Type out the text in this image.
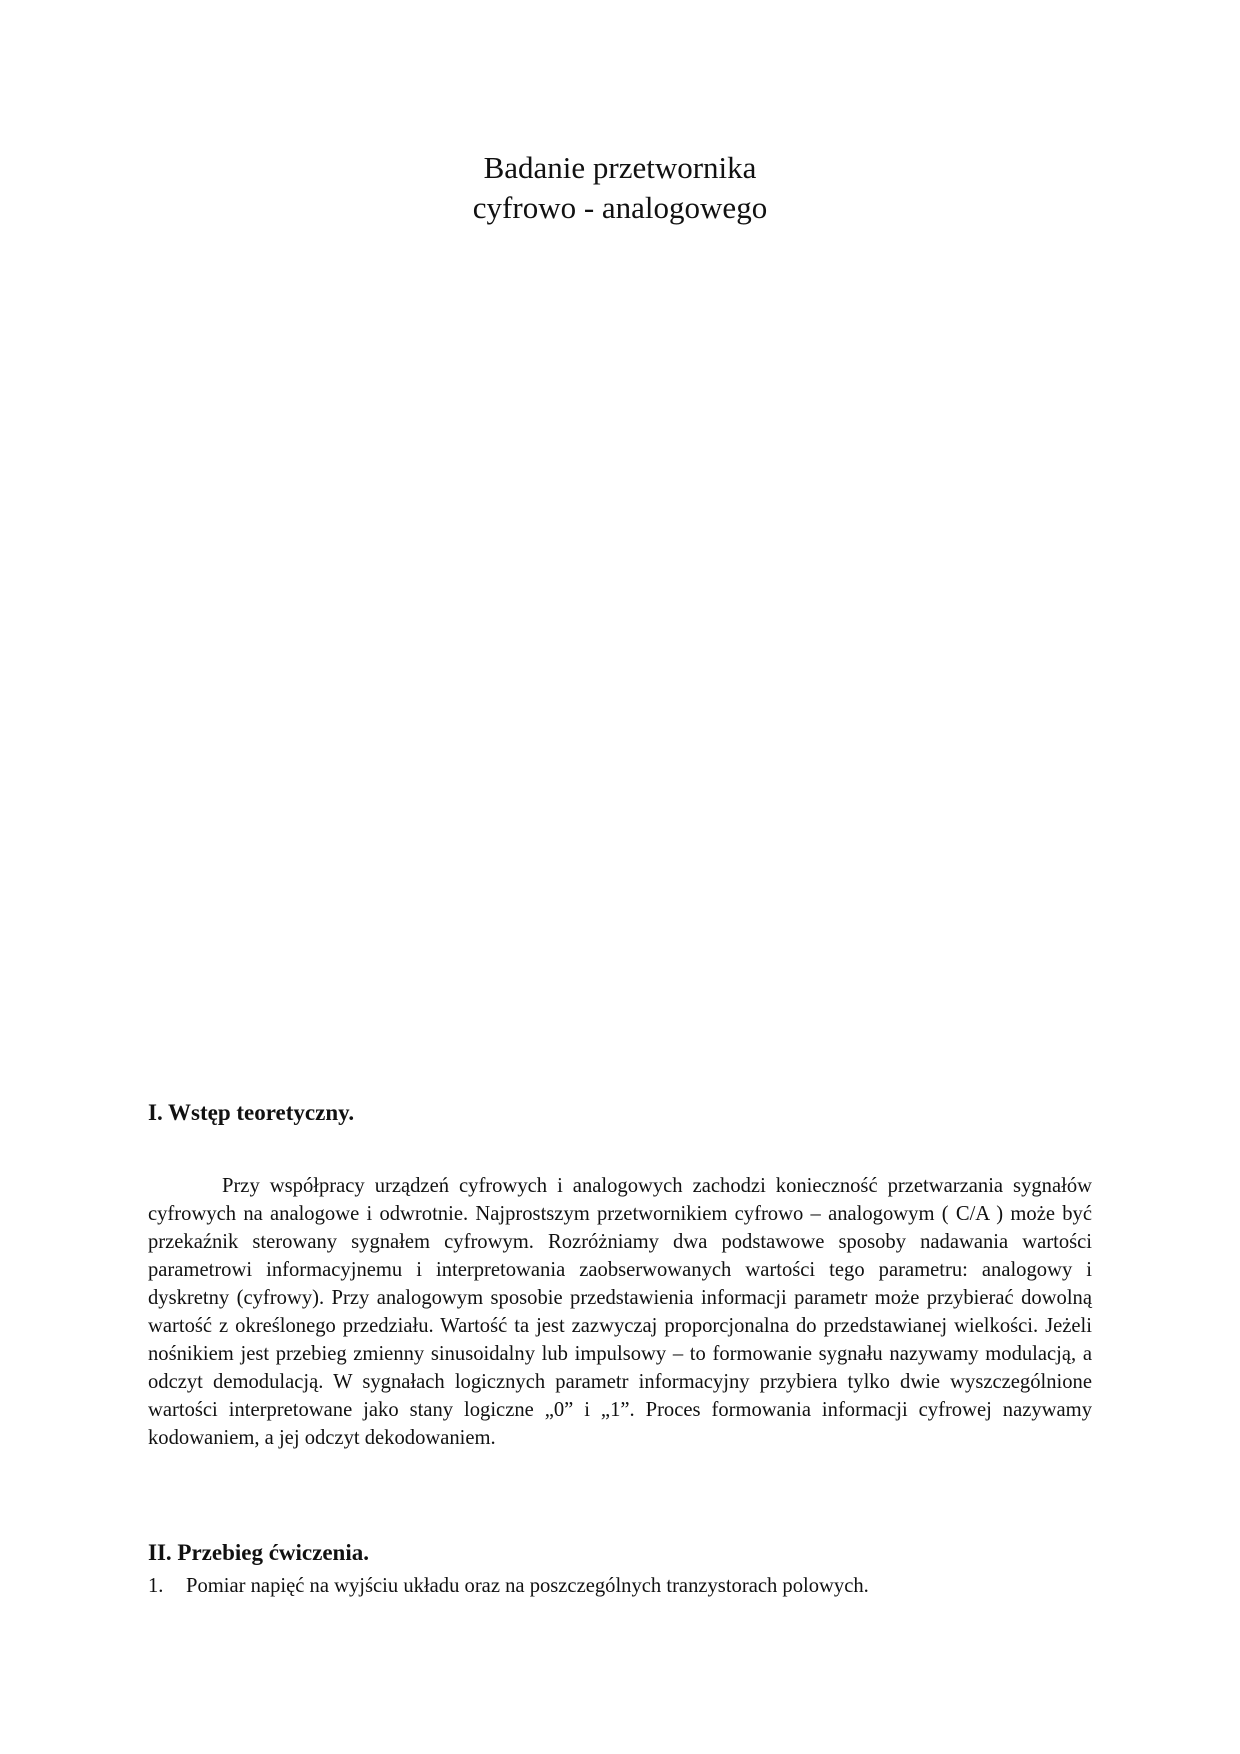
Badanie przetwornika
cyfrowo - analogowego
I. Wstęp teoretyczny.

Przy współpracy urządzeń cyfrowych i analogowych zachodzi konieczność przetwarzania sygnałów cyfrowych na analogowe i odwrotnie. Najprostszym przetwornikiem cyfrowo – analogowym ( C/A ) może być przekaźnik sterowany sygnałem cyfrowym. Rozróżniamy dwa podstawowe sposoby nadawania wartości parametrowi informacyjnemu i interpretowania zaobserwowanych wartości tego parametru: analogowy i dyskretny (cyfrowy). Przy analogowym sposobie przedstawienia informacji parametr może przybierać dowolną wartość z określonego przedziału. Wartość ta jest zazwyczaj proporcjonalna do przedstawianej wielkości. Jeżeli nośnikiem jest przebieg zmienny sinusoidalny lub impulsowy – to formowanie sygnału nazywamy modulacją, a odczyt demodulacją. W sygnałach logicznych parametr informacyjny przybiera tylko dwie wyszczególnione wartości interpretowane jako stany logiczne „0” i „1”. Proces formowania informacji cyfrowej nazywamy kodowaniem, a jej odczyt dekodowaniem.

II. Przebieg ćwiczenia.
1.	Pomiar napięć na wyjściu układu oraz na poszczególnych tranzystorach polowych.
